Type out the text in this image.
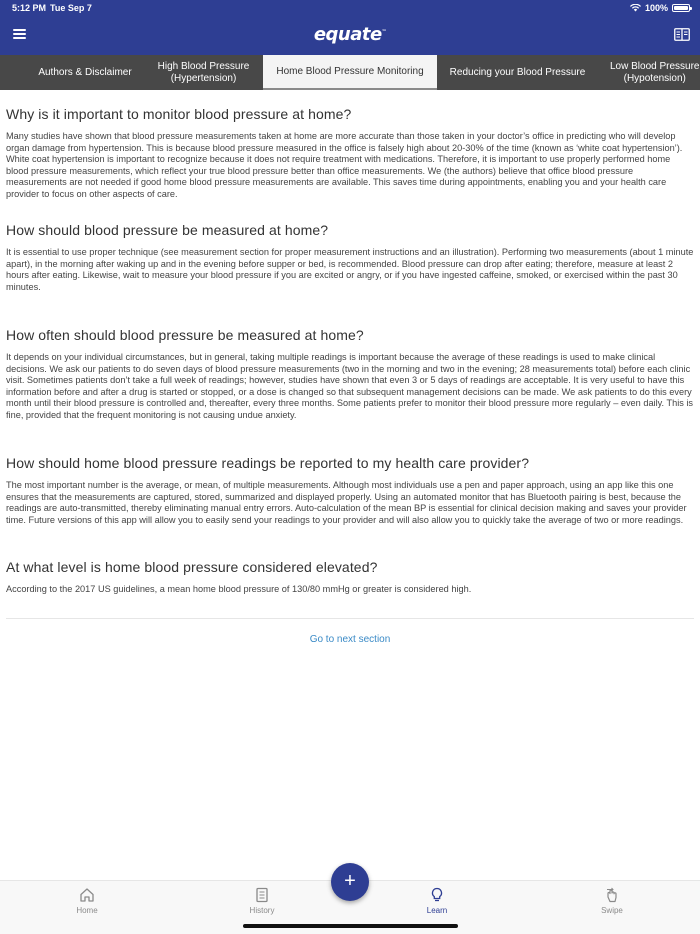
5:12 PM Tue Sep 7	100%
equate™
Authors & Disclaimer
High Blood Pressure
(Hypertension)
Home Blood Pressure Monitoring	Reducing your Blood Pressure
Low Blood Pressure
(Hypotension)
Why is it important to monitor blood pressure at home?

Many studies have shown that blood pressure measurements taken at home are more accurate than those taken in your doctor’s office in predicting who will develop organ damage from hypertension. This is because blood pressure measured in the office is falsely high about 20-30% of the time (known as ‘white coat hypertension’). White coat hypertension is important to recognize because it does not require treatment with medications. Therefore, it is important to use properly performed home blood pressure measurements, which reflect your true blood pressure better than office measurements. We (the authors) believe that office blood pressure measurements are not needed if good home blood pressure measurements are available. This saves time during appointments, enabling you and your health care provider to focus on other aspects of care.

How should blood pressure be measured at home?

It is essential to use proper technique (see measurement section for proper measurement instructions and an illustration). Performing two measurements (about 1 minute apart), in the morning after waking up and in the evening before supper or bed, is recommended. Blood pressure can drop after eating; therefore, measure at least 2 hours after eating. Likewise, wait to measure your blood pressure if you are excited or angry, or if you have ingested caffeine, smoked, or exercised within the past 30 minutes.

How often should blood pressure be measured at home?

It depends on your individual circumstances, but in general, taking multiple readings is important because the average of these readings is used to make clinical decisions. We ask our patients to do seven days of blood pressure measurements (two in the morning and two in the evening; 28 measurements total) before each clinic visit. Sometimes patients don’t take a full week of readings; however, studies have shown that even 3 or 5 days of readings are acceptable. It is very useful to have this information before and after a drug is started or stopped, or a dose is changed so that subsequent management decisions can be made. We ask patients to do this every month until their blood pressure is controlled and, thereafter, every three months. Some patients prefer to monitor their blood pressure more regularly – even daily. This is fine, provided that the frequent monitoring is not causing undue anxiety.

How should home blood pressure readings be reported to my health care provider?

The most important number is the average, or mean, of multiple measurements. Although most individuals use a pen and paper approach, using an app like this one ensures that the measurements are captured, stored, summarized and displayed properly. Using an automated monitor that has Bluetooth pairing is best, because the readings are auto-transmitted, thereby eliminating manual entry errors. Auto-calculation of the mean BP is essential for clinical decision making and saves your provider time. Future versions of this app will allow you to easily send your readings to your provider and will also allow you to quickly take the average of two or more readings.

At what level is home blood pressure considered elevated?

According to the 2017 US guidelines, a mean home blood pressure of 130/80 mmHg or greater is considered high.

Go to next section
Home	History	Learn	Swipe
+
